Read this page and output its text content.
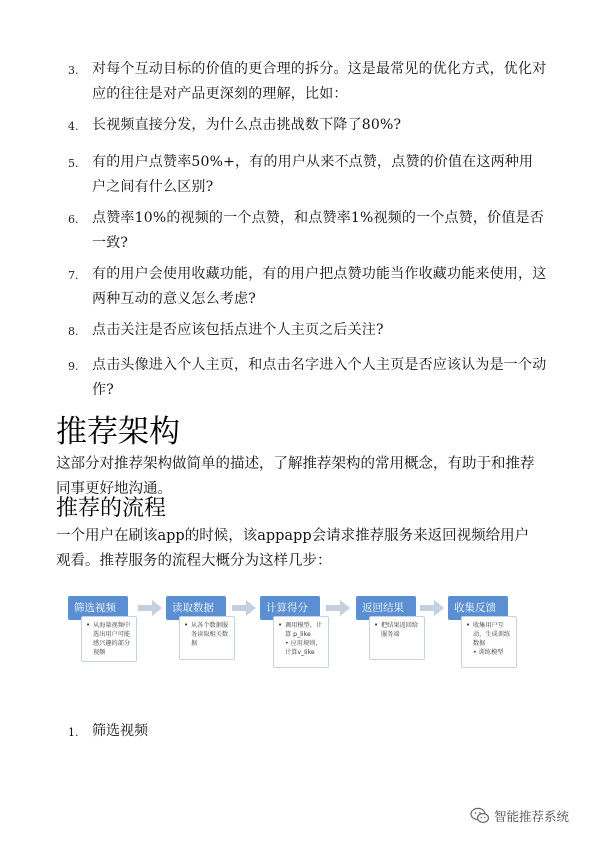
3. 对每个互动目标的价值的更合理的拆分。这是最常见的优化方式，优化对应的往往是对产品更深刻的理解，比如：
4. 长视频直接分发，为什么点击挑战数下降了80%?
5. 有的用户点赞率50%+，有的用户从来不点赞，点赞的价值在这两种用户之间有什么区别?
6. 点赞率10%的视频的一个点赞，和点赞率1%视频的一个点赞，价值是否一致?
7. 有的用户会使用收藏功能，有的用户把点赞功能当作收藏功能来使用，这两种互动的意义怎么考虑?
8. 点击关注是否应该包括点进个人主页之后关注?
9. 点击头像进入个人主页，和点击名字进入个人主页是否应该认为是一个动作?
推荐架构
这部分对推荐架构做简单的描述，了解推荐架构的常用概念，有助于和推荐同事更好地沟通。
推荐的流程
一个用户在刷该app的时候，该appapp会请求推荐服务来返回视频给用户观看。推荐服务的流程大概分为这样几步：
筛选视频
• 从海量视频中选出用户可能感兴趣的部分视频
读取数据
• 从各个数据服务读取相关数据
计算得分
• 调用模型，计算 p_like
• 应用规则，计算v_like
返回结果
• 把结果返回给服务端
收集反馈
• 收集用户互动，生成训练数据
• 训练模型
1. 筛选视频
智能推荐系统
